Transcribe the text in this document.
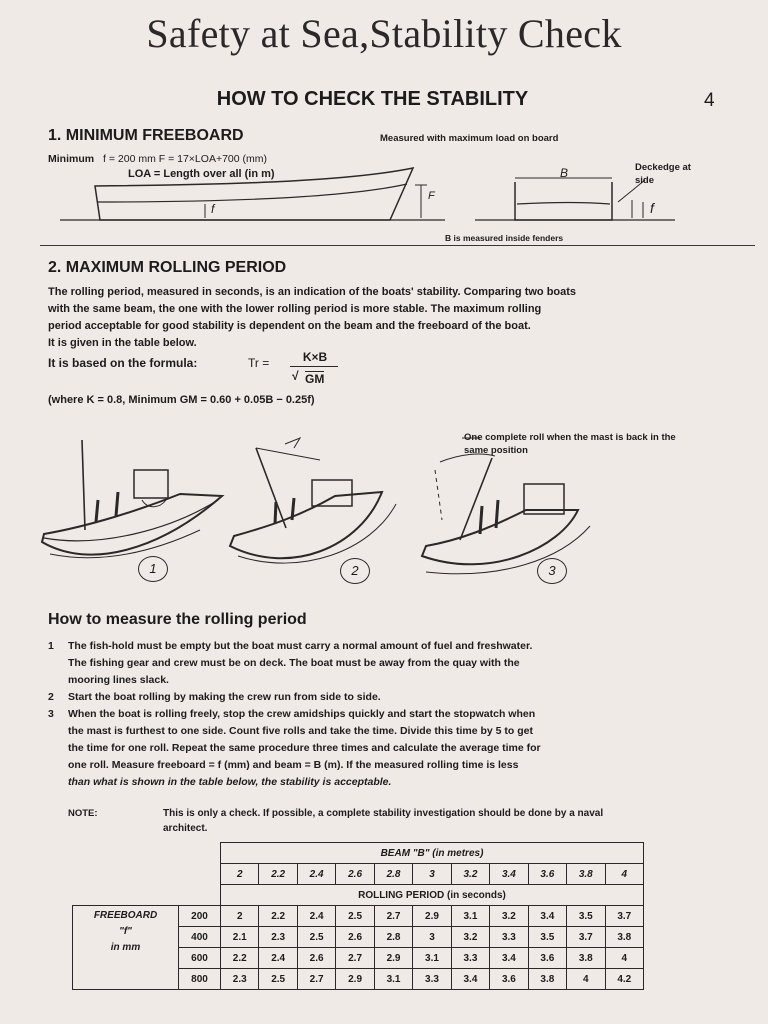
Safety at Sea,Stability Check
HOW TO CHECK THE STABILITY	4
1. MINIMUM FREEBOARD	Measured with maximum load on board
Minimum f = 200 mm F = 17×LOA+700 (mm)
LOA = Length over all (in m)
F
f
B
f
Deckedge at side
B is measured inside fenders
2. MAXIMUM ROLLING PERIOD
The rolling period, measured in seconds, is an indication of the boats' stability. Comparing two boats
with the same beam, the one with the lower rolling period is more stable. The maximum rolling
period acceptable for good stability is dependent on the beam and the freeboard of the boat.
It is given in the table below.
It is based on the formula:	Tr =	K×B
√ GM
(where K = 0.8, Minimum GM = 0.60 + 0.05B − 0.25f)
One complete roll when the mast is back in the same position
1	2	3
How to measure the rolling period
1	The fish-hold must be empty but the boat must carry a normal amount of fuel and freshwater.
The fishing gear and crew must be on deck. The boat must be away from the quay with the
mooring lines slack.
2	Start the boat rolling by making the crew run from side to side.
3	When the boat is rolling freely, stop the crew amidships quickly and start the stopwatch when
the mast is furthest to one side. Count five rolls and take the time. Divide this time by 5 to get
the time for one roll. Repeat the same procedure three times and calculate the average time for
one roll. Measure freeboard = f (mm) and beam = B (m). If the measured rolling time is less
than what is shown in the table below, the stability is acceptable.
NOTE:	This is only a check. If possible, a complete stability investigation should be done by a naval architect.
		BEAM "B" (in metres)										
		2	2.2	2.4	2.6	2.8	3	3.2	3.4	3.6	3.8	4
		ROLLING PERIOD (in seconds)										

FREEBOARD
"f"
in mm	200	2	2.2	2.4	2.5	2.7	2.9	3.1	3.2	3.4	3.5	3.7
	400	2.1	2.3	2.5	2.6	2.8	3	3.2	3.3	3.5	3.7	3.8
	600	2.2	2.4	2.6	2.7	2.9	3.1	3.3	3.4	3.6	3.8	4
	800	2.3	2.5	2.7	2.9	3.1	3.3	3.4	3.6	3.8	4	4.2
